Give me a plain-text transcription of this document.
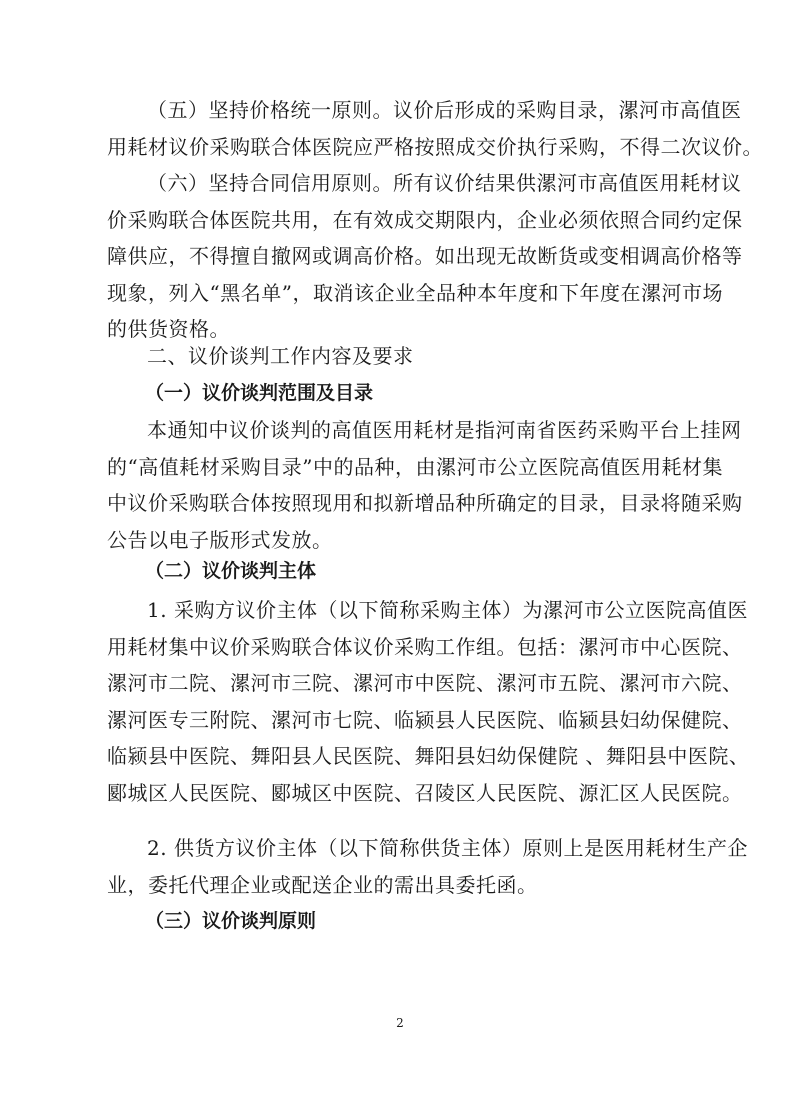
（五）坚持价格统一原则。议价后形成的采购目录，漯河市高值医
用耗材议价采购联合体医院应严格按照成交价执行采购，不得二次议价。
（六）坚持合同信用原则。所有议价结果供漯河市高值医用耗材议
价采购联合体医院共用，在有效成交期限内，企业必须依照合同约定保
障供应，不得擅自撤网或调高价格。如出现无故断货或变相调高价格等
现象，列入“黑名单”，取消该企业全品种本年度和下年度在漯河市场
的供货资格。
二、议价谈判工作内容及要求
（一）议价谈判范围及目录
本通知中议价谈判的高值医用耗材是指河南省医药采购平台上挂网
的“高值耗材采购目录”中的品种，由漯河市公立医院高值医用耗材集
中议价采购联合体按照现用和拟新增品种所确定的目录，目录将随采购
公告以电子版形式发放。
（二）议价谈判主体
1. 采购方议价主体（以下简称采购主体）为漯河市公立医院高值医
用耗材集中议价采购联合体议价采购工作组。包括：漯河市中心医院、
漯河市二院、漯河市三院、漯河市中医院、漯河市五院、漯河市六院、
漯河医专三附院、漯河市七院、临颍县人民医院、临颍县妇幼保健院、
临颍县中医院、舞阳县人民医院、舞阳县妇幼保健院 、舞阳县中医院、
郾城区人民医院、郾城区中医院、召陵区人民医院、源汇区人民医院。
2. 供货方议价主体（以下简称供货主体）原则上是医用耗材生产企
业，委托代理企业或配送企业的需出具委托函。
（三）议价谈判原则
2
